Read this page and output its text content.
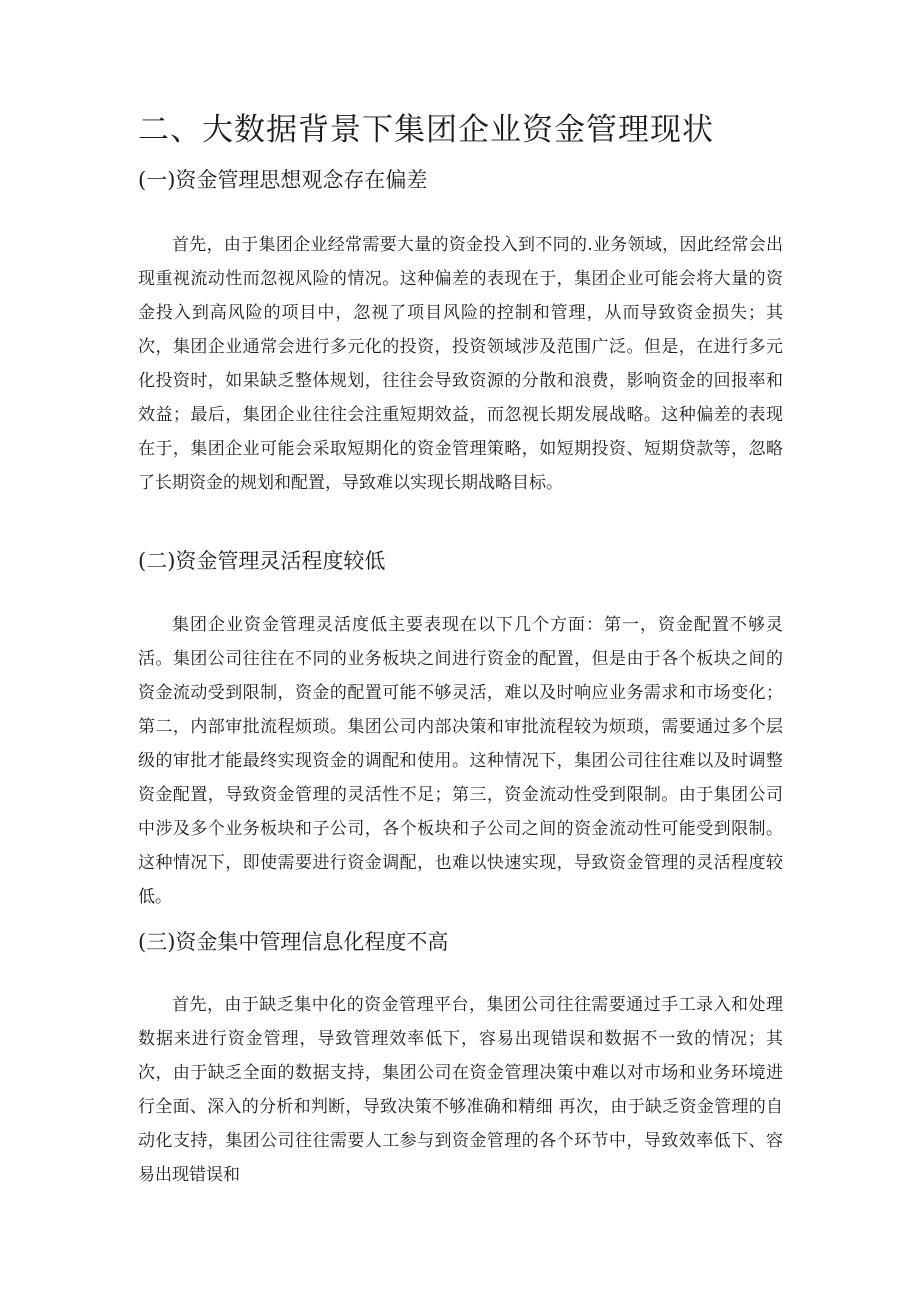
二、大数据背景下集团企业资金管理现状
(一)资金管理思想观念存在偏差

首先，由于集团企业经常需要大量的资金投入到不同的.业务领域，因此经常会出现重视流动性而忽视风险的情况。这种偏差的表现在于，集团企业可能会将大量的资金投入到高风险的项目中，忽视了项目风险的控制和管理，从而导致资金损失；其次，集团企业通常会进行多元化的投资，投资领域涉及范围广泛。但是，在进行多元化投资时，如果缺乏整体规划，往往会导致资源的分散和浪费，影响资金的回报率和效益；最后，集团企业往往会注重短期效益，而忽视长期发展战略。这种偏差的表现在于，集团企业可能会采取短期化的资金管理策略，如短期投资、短期贷款等，忽略了长期资金的规划和配置，导致难以实现长期战略目标。

(二)资金管理灵活程度较低

集团企业资金管理灵活度低主要表现在以下几个方面：第一，资金配置不够灵活。集团公司往往在不同的业务板块之间进行资金的配置，但是由于各个板块之间的资金流动受到限制，资金的配置可能不够灵活，难以及时响应业务需求和市场变化；第二，内部审批流程烦琐。集团公司内部决策和审批流程较为烦琐，需要通过多个层级的审批才能最终实现资金的调配和使用。这种情况下，集团公司往往难以及时调整资金配置，导致资金管理的灵活性不足；第三，资金流动性受到限制。由于集团公司中涉及多个业务板块和子公司，各个板块和子公司之间的资金流动性可能受到限制。这种情况下，即使需要进行资金调配，也难以快速实现，导致资金管理的灵活程度较低。

(三)资金集中管理信息化程度不高

首先，由于缺乏集中化的资金管理平台，集团公司往往需要通过手工录入和处理数据来进行资金管理，导致管理效率低下，容易出现错误和数据不一致的情况；其次，由于缺乏全面的数据支持，集团公司在资金管理决策中难以对市场和业务环境进行全面、深入的分析和判断，导致决策不够准确和精细 再次，由于缺乏资金管理的自动化支持，集团公司往往需要人工参与到资金管理的各个环节中，导致效率低下、容易出现错误和
